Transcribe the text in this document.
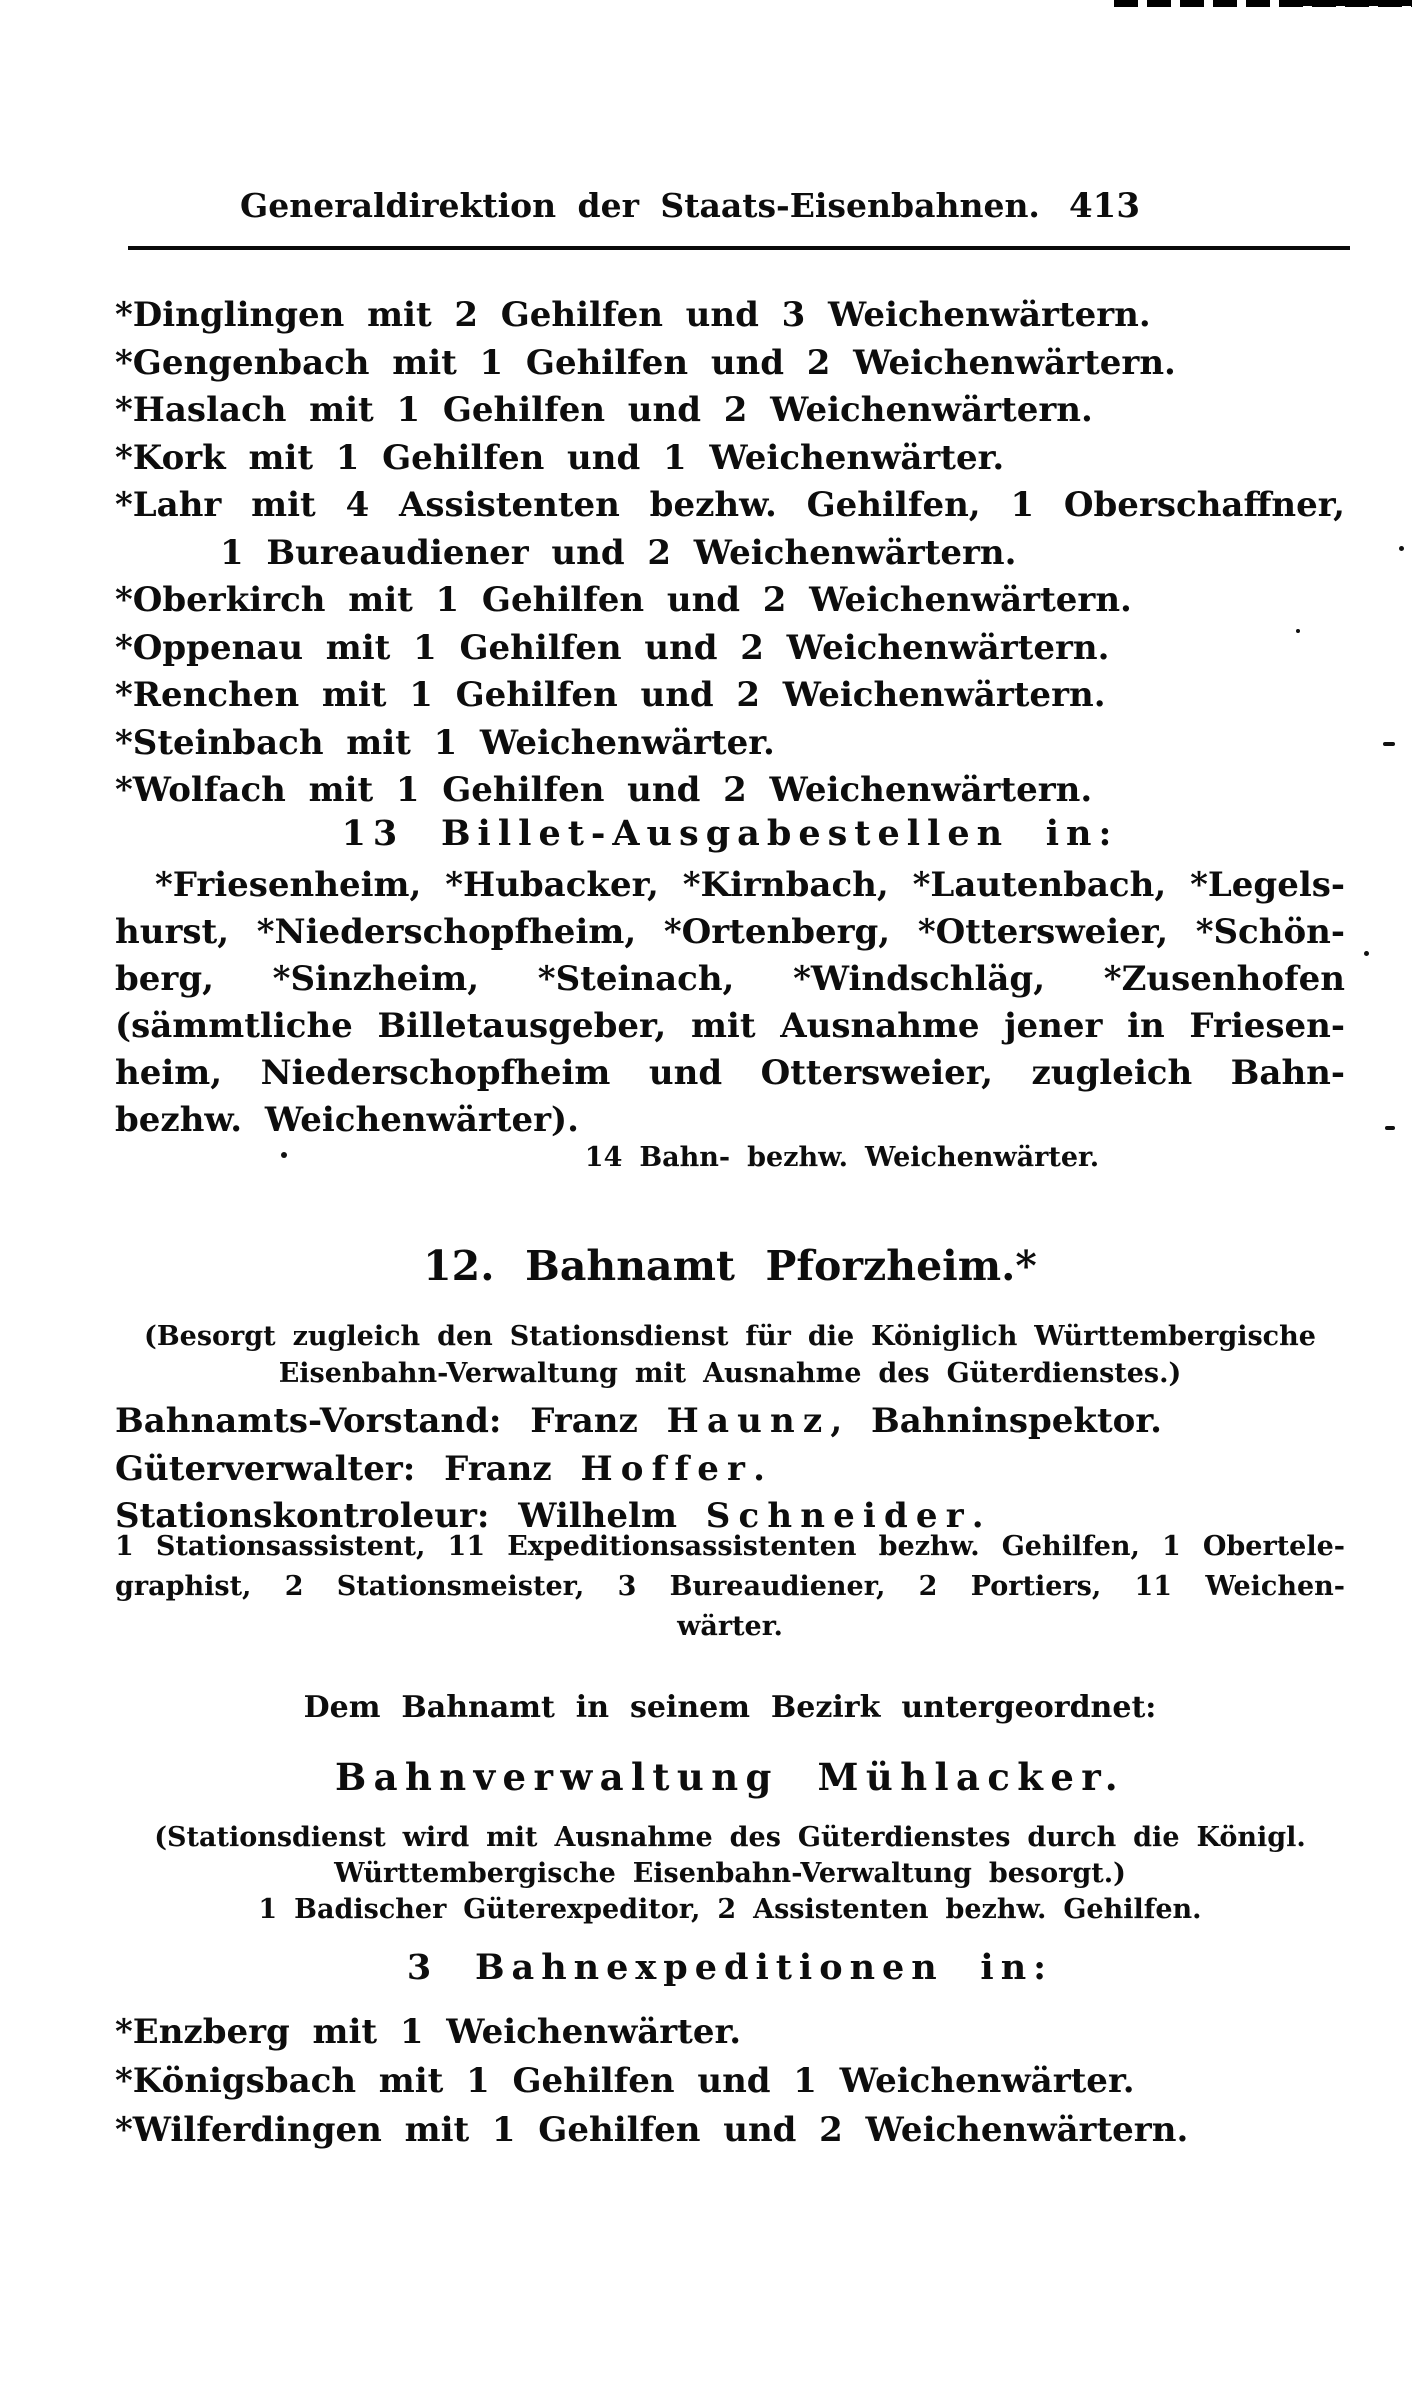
Generaldirektion der Staats-Eisenbahnen. 413
*Dinglingen mit 2 Gehilfen und 3 Weichenwärtern.
*Gengenbach mit 1 Gehilfen und 2 Weichenwärtern.
*Haslach mit 1 Gehilfen und 2 Weichenwärtern.
*Kork mit 1 Gehilfen und 1 Weichenwärter.
*Lahr mit 4 Assistenten bezhw. Gehilfen, 1 Oberschaffner,
1 Bureaudiener und 2 Weichenwärtern.
*Oberkirch mit 1 Gehilfen und 2 Weichenwärtern.
*Oppenau mit 1 Gehilfen und 2 Weichenwärtern.
*Renchen mit 1 Gehilfen und 2 Weichenwärtern.
*Steinbach mit 1 Weichenwärter.
*Wolfach mit 1 Gehilfen und 2 Weichenwärtern.
13 Billet-Ausgabestellen in:
*Friesenheim, *Hubacker, *Kirnbach, *Lautenbach, *Legels-
hurst, *Niederschopfheim, *Ortenberg, *Ottersweier, *Schön-
berg, *Sinzheim, *Steinach, *Windschläg, *Zusenhofen
(sämmtliche Billetausgeber, mit Ausnahme jener in Friesen-
heim, Niederschopfheim und Ottersweier, zugleich Bahn-
bezhw. Weichenwärter).
14 Bahn- bezhw. Weichenwärter.
12. Bahnamt Pforzheim.*
(Besorgt zugleich den Stationsdienst für die Königlich Württembergische
Eisenbahn-Verwaltung mit Ausnahme des Güterdienstes.)
Bahnamts-Vorstand: Franz Haunz, Bahninspektor.
Güterverwalter: Franz Hoffer.
Stationskontroleur: Wilhelm Schneider.
1 Stationsassistent, 11 Expeditionsassistenten bezhw. Gehilfen, 1 Obertele-
graphist, 2 Stationsmeister, 3 Bureaudiener, 2 Portiers, 11 Weichen-
wärter.
Dem Bahnamt in seinem Bezirk untergeordnet:
Bahnverwaltung Mühlacker.
(Stationsdienst wird mit Ausnahme des Güterdienstes durch die Königl.
Württembergische Eisenbahn-Verwaltung besorgt.)
1 Badischer Güterexpeditor, 2 Assistenten bezhw. Gehilfen.
3 Bahnexpeditionen in:
*Enzberg mit 1 Weichenwärter.
*Königsbach mit 1 Gehilfen und 1 Weichenwärter.
*Wilferdingen mit 1 Gehilfen und 2 Weichenwärtern.
